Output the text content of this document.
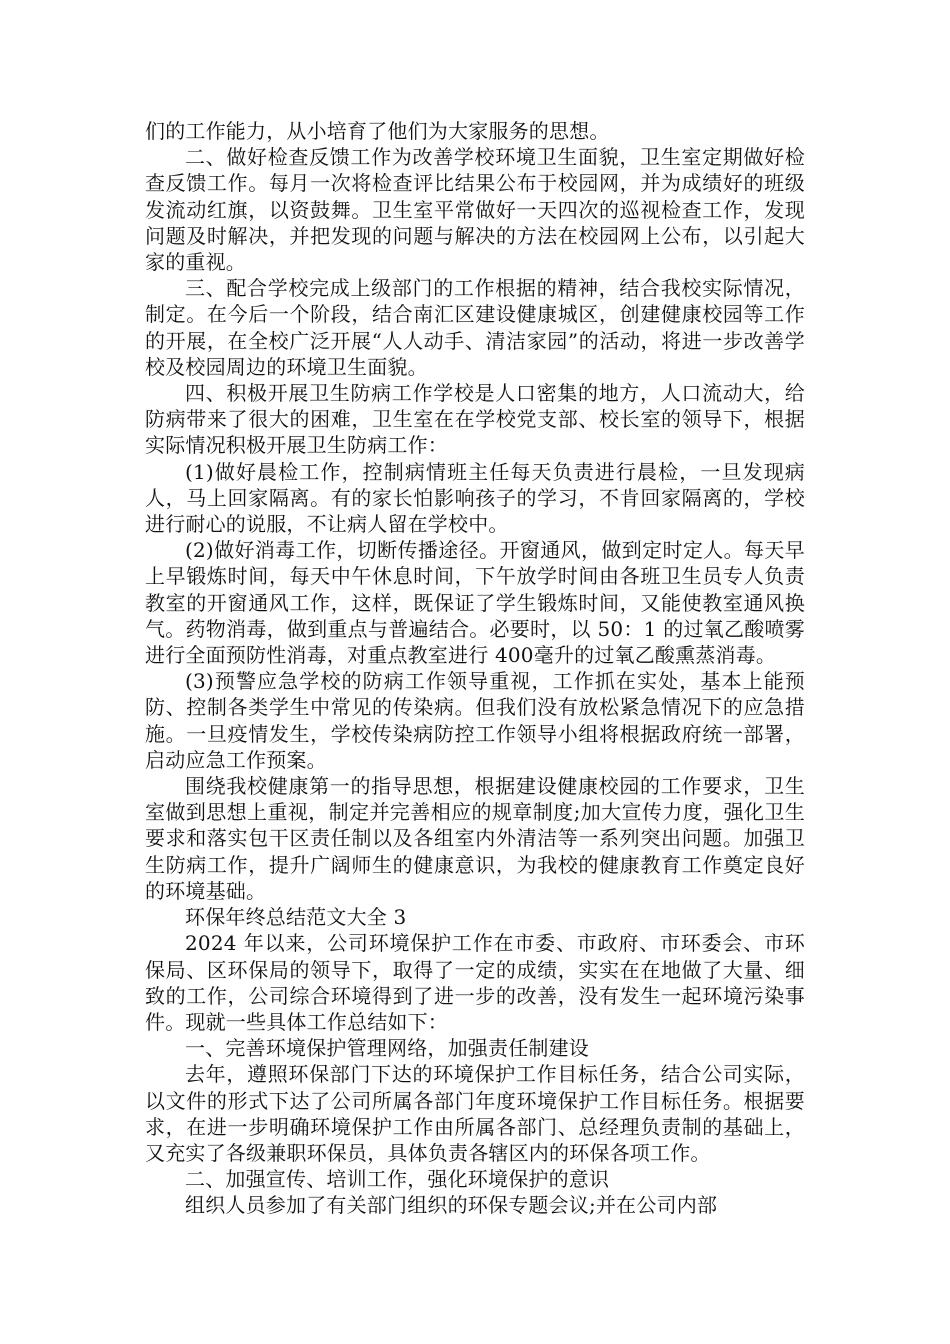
们的工作能力，从小培育了他们为大家服务的思想。

二、做好检查反馈工作为改善学校环境卫生面貌，卫生室定期做好检查反馈工作。每月一次将检查评比结果公布于校园网，并为成绩好的班级发流动红旗，以资鼓舞。卫生室平常做好一天四次的巡视检查工作，发现问题及时解决，并把发现的问题与解决的方法在校园网上公布，以引起大家的重视。

三、配合学校完成上级部门的工作根据的精神，结合我校实际情况，制定。在今后一个阶段，结合南汇区建设健康城区，创建健康校园等工作的开展，在全校广泛开展“人人动手、清洁家园”的活动，将进一步改善学校及校园周边的环境卫生面貌。

四、积极开展卫生防病工作学校是人口密集的地方，人口流动大，给防病带来了很大的困难，卫生室在在学校党支部、校长室的领导下，根据实际情况积极开展卫生防病工作：

(1)做好晨检工作，控制病情班主任每天负责进行晨检，一旦发现病人，马上回家隔离。有的家长怕影响孩子的学习，不肯回家隔离的，学校进行耐心的说服，不让病人留在学校中。

(2)做好消毒工作，切断传播途径。开窗通风，做到定时定人。每天早上早锻炼时间，每天中午休息时间，下午放学时间由各班卫生员专人负责教室的开窗通风工作，这样，既保证了学生锻炼时间，又能使教室通风换气。药物消毒，做到重点与普遍结合。必要时，以 50：1 的过氧乙酸喷雾进行全面预防性消毒，对重点教室进行 400毫升的过氧乙酸熏蒸消毒。

(3)预警应急学校的防病工作领导重视，工作抓在实处，基本上能预防、控制各类学生中常见的传染病。但我们没有放松紧急情况下的应急措施。一旦疫情发生，学校传染病防控工作领导小组将根据政府统一部署，启动应急工作预案。

围绕我校健康第一的指导思想，根据建设健康校园的工作要求，卫生室做到思想上重视，制定并完善相应的规章制度;加大宣传力度，强化卫生要求和落实包干区责任制以及各组室内外清洁等一系列突出问题。加强卫生防病工作，提升广阔师生的健康意识，为我校的健康教育工作奠定良好的环境基础。

环保年终总结范文大全 3

2024 年以来，公司环境保护工作在市委、市政府、市环委会、市环保局、区环保局的领导下，取得了一定的成绩，实实在在地做了大量、细致的工作，公司综合环境得到了进一步的改善，没有发生一起环境污染事件。现就一些具体工作总结如下：

一、完善环境保护管理网络，加强责任制建设

去年，遵照环保部门下达的环境保护工作目标任务，结合公司实际，以文件的形式下达了公司所属各部门年度环境保护工作目标任务。根据要求，在进一步明确环境保护工作由所属各部门、总经理负责制的基础上，又充实了各级兼职环保员，具体负责各辖区内的环保各项工作。

二、加强宣传、培训工作，强化环境保护的意识

组织人员参加了有关部门组织的环保专题会议;并在公司内部
